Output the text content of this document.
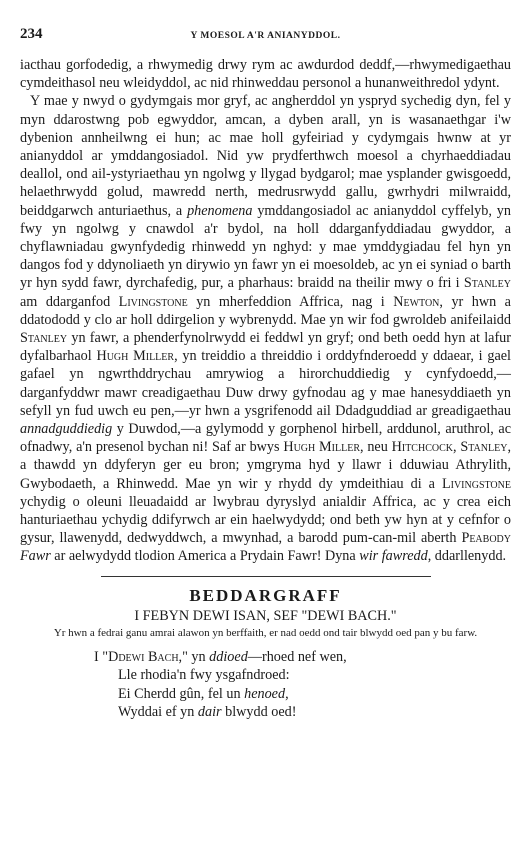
234	Y MOESOL A'R ANIANYDDOL.

iacthau gorfodedig, a rhwymedig drwy rym ac awdurdod deddf,—rhwymedigaethau cymdeithasol neu wleidyddol, ac nid rhinweddau personol a hunanweithredol ydynt.

Y mae y nwyd o gydymgais mor gryf, ac angherddol yn yspryd sychedig dyn, fel y myn ddarostwng pob egwyddor, amcan, a dyben arall, yn is wasanaethgar i'w dybenion annheilwng ei hun; ac mae holl gyfeiriad y cydymgais hwnw at yr anianyddol ar ymddangosiadol. Nid yw prydferthwch moesol a chyrhaeddiadau deallol, ond ail-ystyriaethau yn ngolwg y llygad bydgarol; mae ysplander gwisgoedd, helaethrwydd golud, mawredd nerth, medrusrwydd gallu, gwrhydri milwraidd, beiddgarwch anturiaethus, a phenomena ymddangosiadol ac anianyddol cyffelyb, yn fwy yn ngolwg y cnawdol a'r bydol, na holl ddarganfyddiadau gwyddor, a chyflawniadau gwynfydedig rhinwedd yn nghyd: y mae ymddygiadau fel hyn yn dangos fod y ddynoliaeth yn dirywio yn fawr yn ei moesoldeb, ac yn ei syniad o barth yr hyn sydd fawr, dyrchafedig, pur, a pharhaus: braidd na theilir mwy o fri i Stanley am ddarganfod Livingstone yn mherfeddion Affrica, nag i Newton, yr hwn a ddatododd y clo ar holl ddirgelion y wybrenydd. Mae yn wir fod gwroldeb anifeilaidd Stanley yn fawr, a phenderfynolrwydd ei feddwl yn gryf; ond beth oedd hyn at lafur dyfalbarhaol Hugh Miller, yn treiddio a threiddio i orddyfnderoedd y ddaear, i gael gafael yn ngwrthddrychau amrywiog a hirorchuddiedig y cynfydoedd,—darganfyddwr mawr creadigaethau Duw drwy gyfnodau ag y mae hanesyddiaeth yn sefyll yn fud uwch eu pen,—yr hwn a ysgrifenodd ail Ddadguddiad ar greadigaethau annadguddiedig y Duwdod,—a gylymodd y gorphenol hirbell, arddunol, aruthrol, ac ofnadwy, a'n presenol bychan ni! Saf ar bwys Hugh Miller, neu Hitchcock, Stanley, a thawdd yn ddyferyn ger eu bron; ymgryma hyd y llawr i dduwiau Athrylith, Gwybodaeth, a Rhinwedd. Mae yn wir y rhydd dy ymdeithiau di a Livingstone ychydig o oleuni lleuadaidd ar lwybrau dyryslyd anialdir Affrica, ac y crea eich hanturiaethau ychydig ddifyrwch ar ein haelwydydd; ond beth yw hyn at y cefnfor o gysur, llawenydd, dedwyddwch, a mwynhad, a barodd pum-can-mil aberth Peabody Fawr ar aelwydydd tlodion America a Prydain Fawr! Dyna wir fawredd, ddarllenydd.

BEDDARGRAFF

I FEBYN DEWI ISAN, SEF "DEWI BACH."

Yr hwn a fedrai ganu amrai alawon yn berffaith, er nad oedd ond tair blwydd oed pan y bu farw.

I "Ddewi Bach," yn ddioed—rhoed nef wen,
Lle rhodia'n fwy ysgafndroed:
Ei Cherdd gûn, fel un henoed,
Wyddai ef yn dair blwydd oed!
